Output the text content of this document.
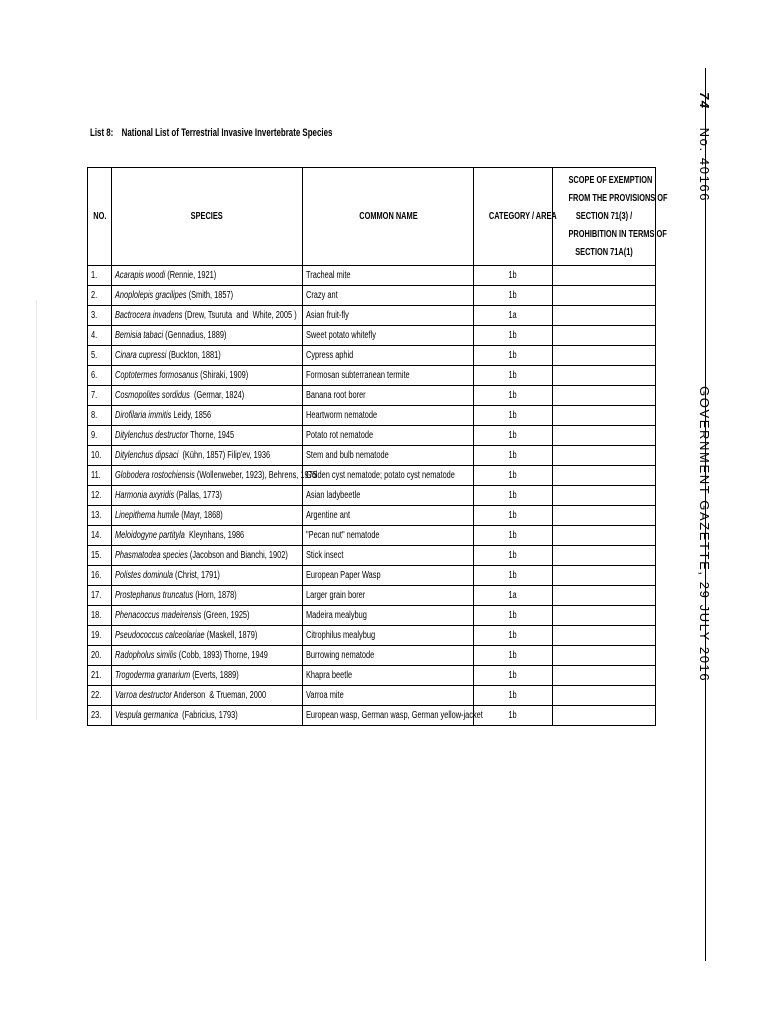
List 8: National List of Terrestrial Invasive Invertebrate Species
NO.	SPECIES	COMMON NAME	CATEGORY / AREA	SCOPE OF EXEMPTION
FROM THE PROVISIONS OF
SECTION 71(3) /
PROHIBITION IN TERMS OF
SECTION 71A(1)

1.	Acarapis woodi (Rennie, 1921)	Tracheal mite	1b	
2.	Anoplolepis gracilipes (Smith, 1857)	Crazy ant	1b	
3.	Bactrocera invadens (Drew, Tsuruta  and  White, 2005 )	Asian fruit-fly	1a	
4.	Bemisia tabaci (Gennadius, 1889)	Sweet potato whitefly	1b	
5.	Cinara cupressi (Buckton, 1881)	Cypress aphid	1b	
6.	Coptotermes formosanus (Shiraki, 1909)	Formosan subterranean termite	1b	
7.	Cosmopolites sordidus  (Germar, 1824)	Banana root borer	1b	
8.	Dirofilaria immitis Leidy, 1856	Heartworm nematode	1b	
9.	Ditylenchus destructor Thorne, 1945	Potato rot nematode	1b	
10.	Ditylenchus dipsaci  (Kühn, 1857) Filip'ev, 1936	Stem and bulb nematode	1b	
11.	Globodera rostochiensis (Wollenweber, 1923), Behrens, 1975	Golden cyst nematode; potato cyst nematode	1b	
12.	Harmonia axyridis (Pallas, 1773)	Asian ladybeetle	1b	
13.	Linepithema humile (Mayr, 1868)	Argentine ant	1b	
14.	Meloidogyne partityla  Kleynhans, 1986	"Pecan nut" nematode	1b	
15.	Phasmatodea species (Jacobson and Bianchi, 1902)	Stick insect	1b	
16.	Polistes dominula (Christ, 1791)	European Paper Wasp	1b	
17.	Prostephanus truncatus (Horn, 1878)	Larger grain borer	1a	
18.	Phenacoccus madeirensis (Green, 1925)	Madeira mealybug	1b	
19.	Pseudococcus calceolariae (Maskell, 1879)	Citrophilus mealybug	1b	
20.	Radopholus similis (Cobb, 1893) Thorne, 1949	Burrowing nematode	1b	
21.	Trogoderma granarium (Everts, 1889)	Khapra beetle	1b	
22.	Varroa destructor Anderson  & Trueman, 2000	Varroa mite	1b	
23.	Vespula germanica  (Fabricius, 1793)	European wasp, German wasp, German yellow-jacket	1b	
74No. 40166GOVERNMENT GAZETTE, 29 JULY 2016
